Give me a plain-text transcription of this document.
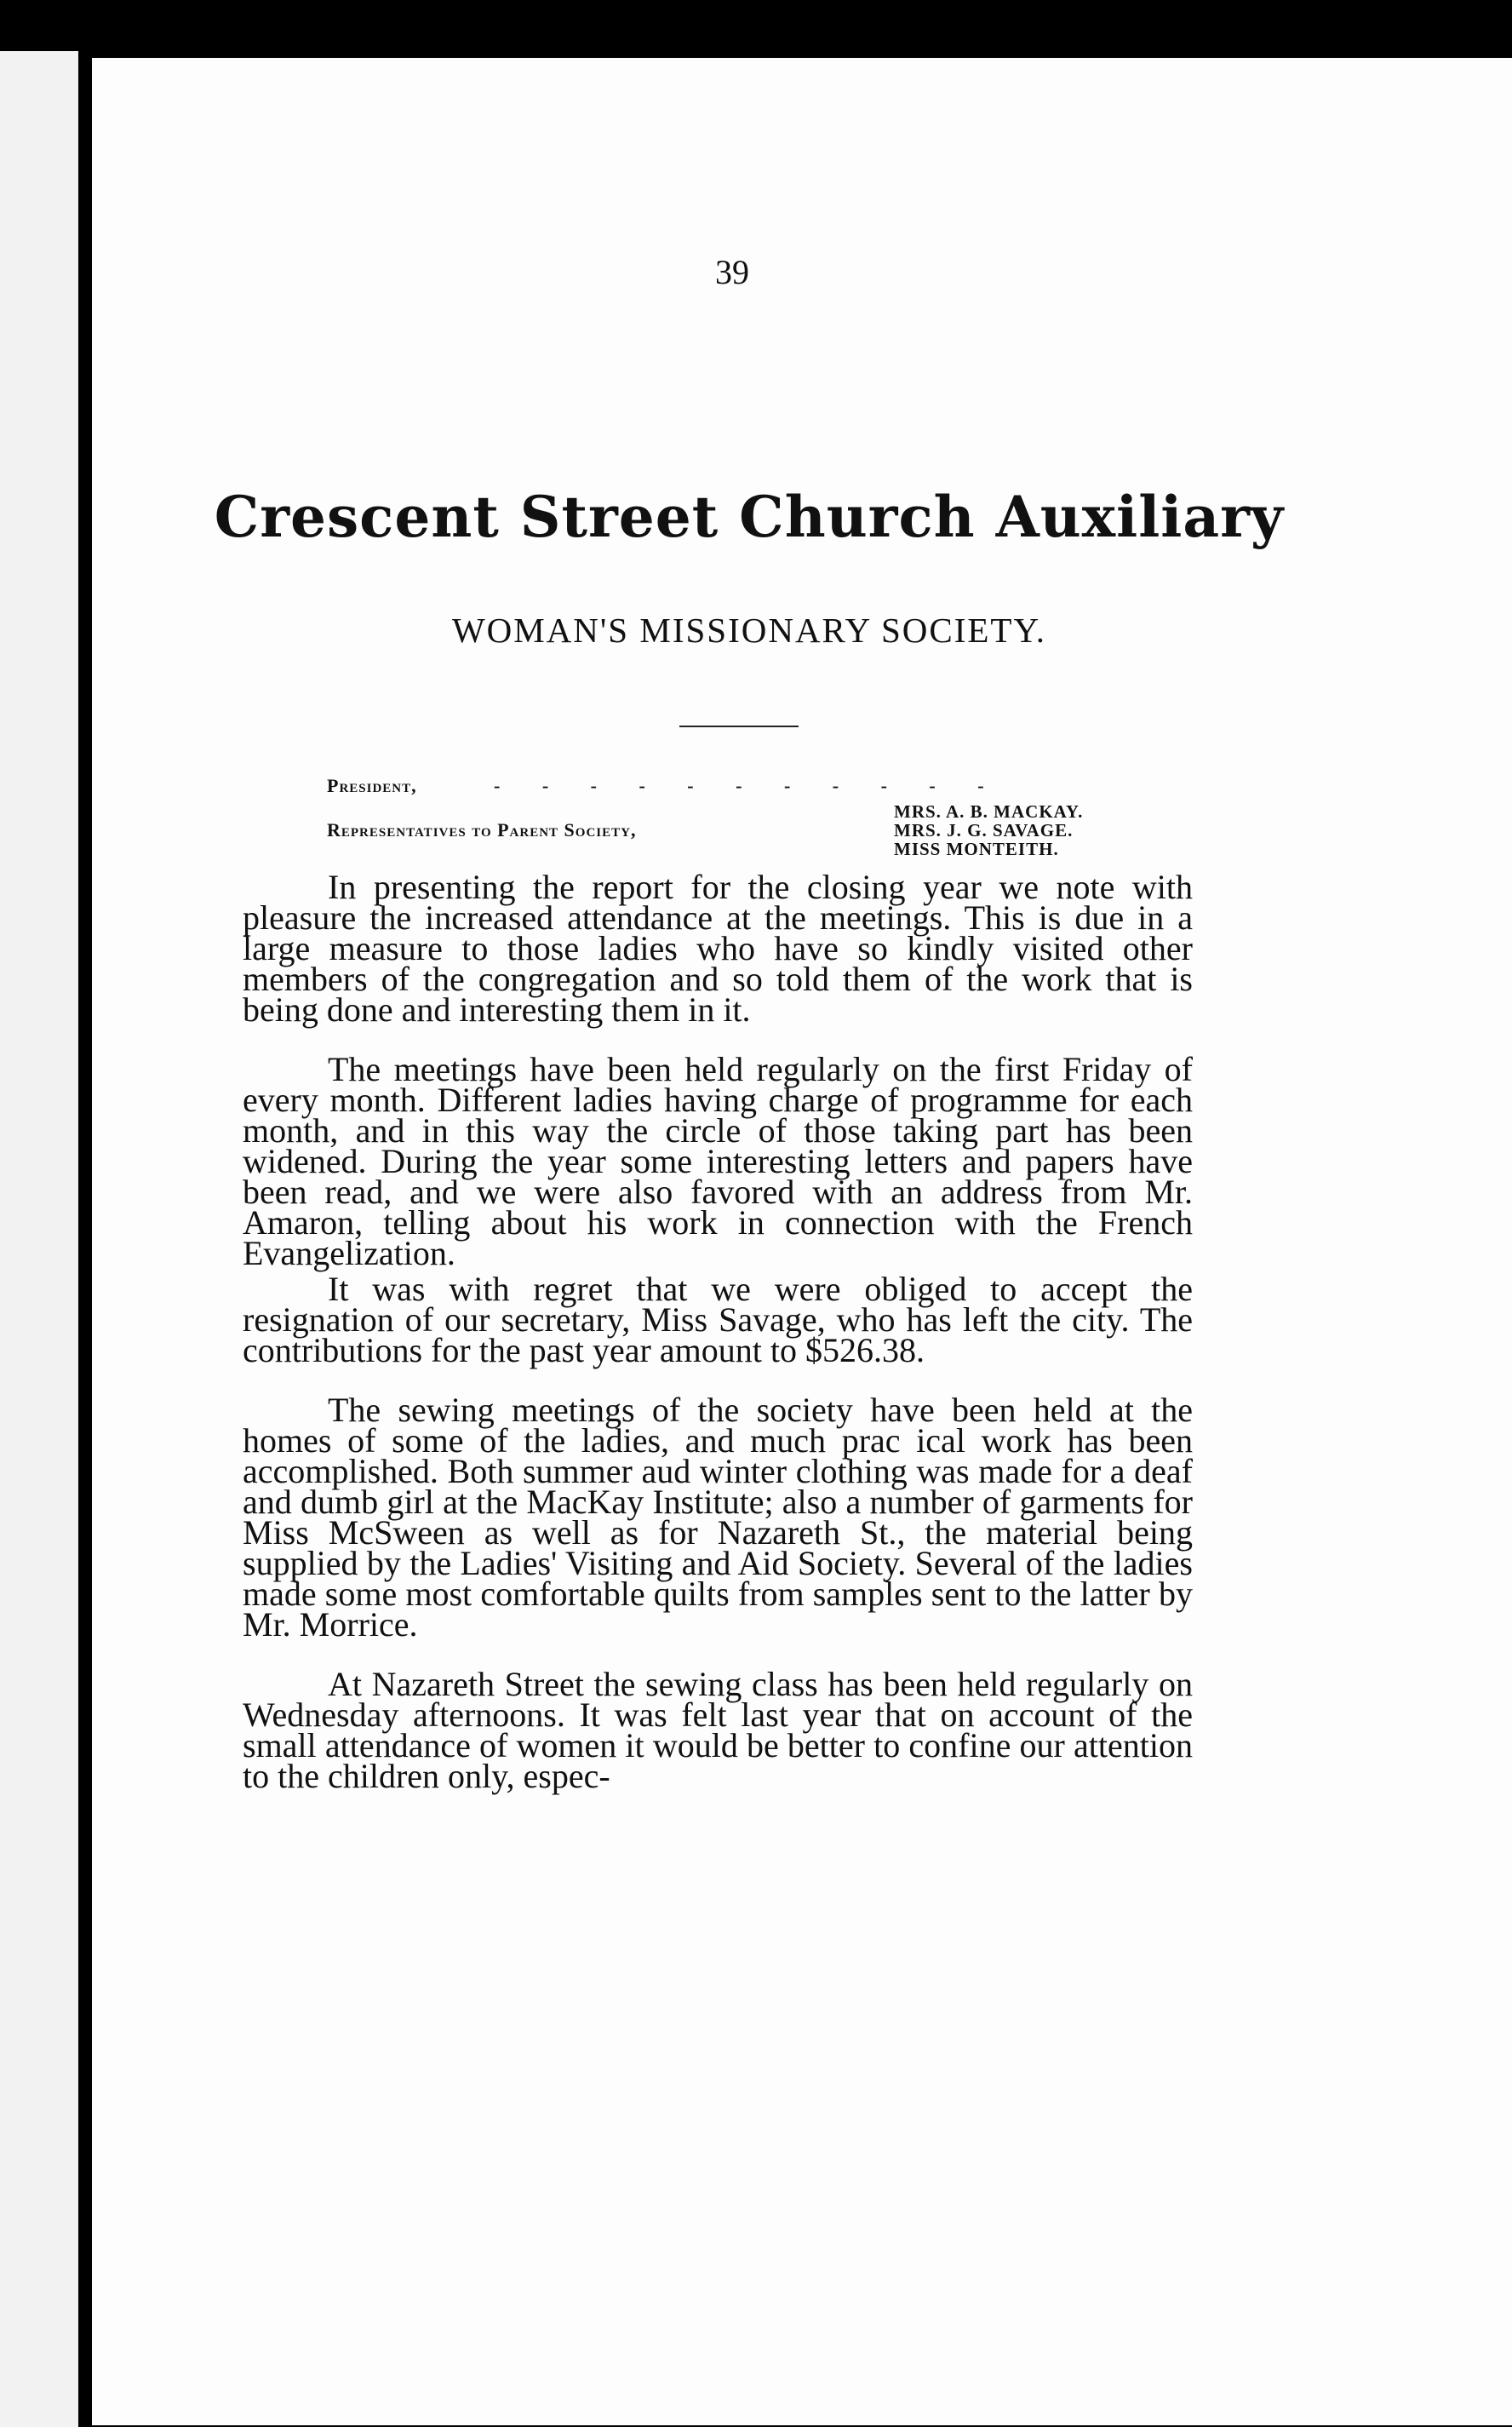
39
Crescent Street Church Auxiliary
WOMAN'S MISSIONARY SOCIETY.
President,	- - - - - - - - - - -
Representatives to Parent Society,
MRS. A. B. MACKAY.
MRS. J. G. SAVAGE.
MISS MONTEITH.

In presenting the report for the closing year we note with pleasure the increased attendance at the meetings. This is due in a large measure to those ladies who have so kindly visited other members of the congregation and so told them of the work that is being done and interesting them in it.

The meetings have been held regularly on the first Friday of every month. Different ladies having charge of programme for each month, and in this way the circle of those taking part has been widened. During the year some interesting letters and papers have been read, and we were also favored with an address from Mr. Amaron, telling about his work in connection with the French Evangelization.

It was with regret that we were obliged to accept the resignation of our secretary, Miss Savage, who has left the city. The contributions for the past year amount to $526.38.

The sewing meetings of the society have been held at the homes of some of the ladies, and much prac ical work has been accomplished. Both summer aud winter clothing was made for a deaf and dumb girl at the MacKay Institute; also a number of garments for Miss McSween as well as for Nazareth St., the material being supplied by the Ladies' Visiting and Aid Society. Several of the ladies made some most comfortable quilts from samples sent to the latter by Mr. Morrice.

At Nazareth Street the sewing class has been held regularly on Wednesday afternoons. It was felt last year that on account of the small attendance of women it would be better to confine our attention to the children only, espec-
